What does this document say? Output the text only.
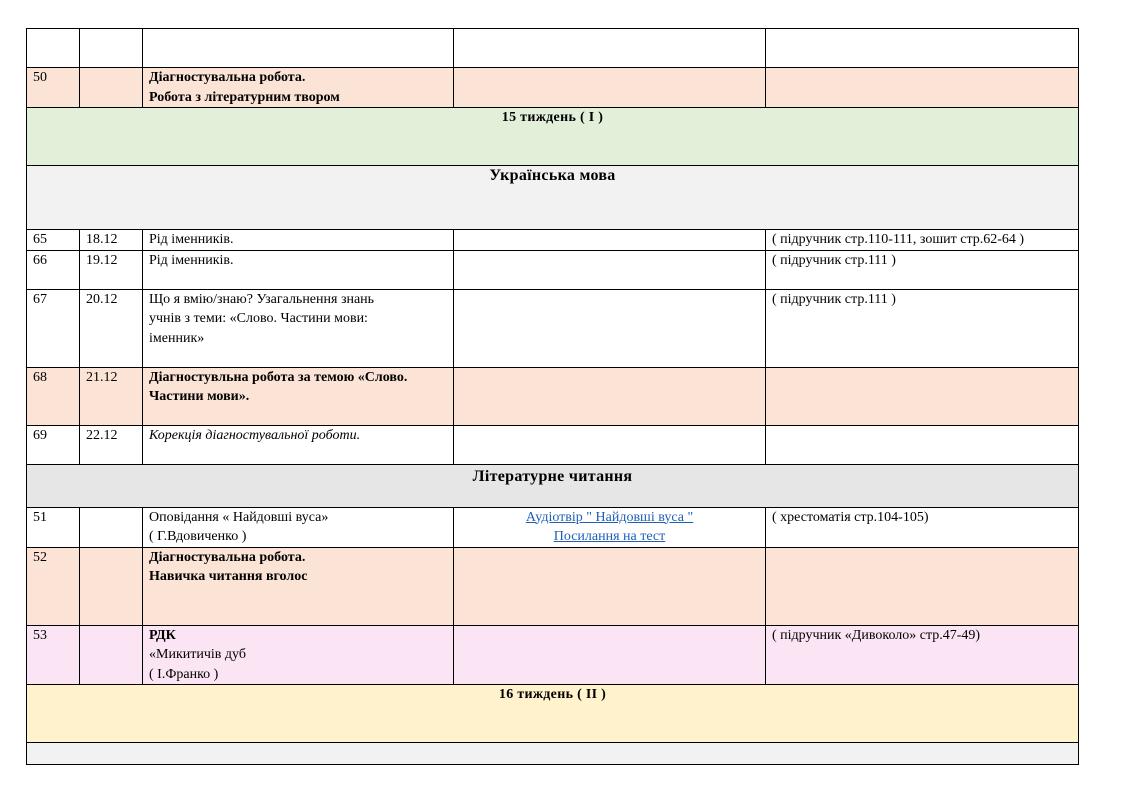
50		Діагностувальна робота.
Робота з літературним твором		

15 тиждень ( І )				
Українська мова				
65	18.12	Рід іменників.		( підручник стр.110-111, зошит стр.62-64 )
66	19.12	Рід іменників.		( підручник стр.111 )
67	20.12	Що я вмію/знаю? Узагальнення знань
учнів з теми: «Слово. Частини мови:
іменник»		( підручник стр.111 )
68	21.12	Діагностувльна робота за темою «Слово.
Частини мови».		

69	22.12	Корекція діагностувальної роботи.		
Літературне читання				
51		Оповідання « Найдовші вуса»
( Г.Вдовиченко )	Аудіотвір " Найдовші вуса "
Посилання на тест	( хрестоматія стр.104-105)
52		Діагностувальна робота.
Навичка читання вголос		

53		РДК
«Микитичів дуб
( І.Франко )		( підручник «Дивоколо» стр.47-49)
16 тиждень ( ІІ )				
